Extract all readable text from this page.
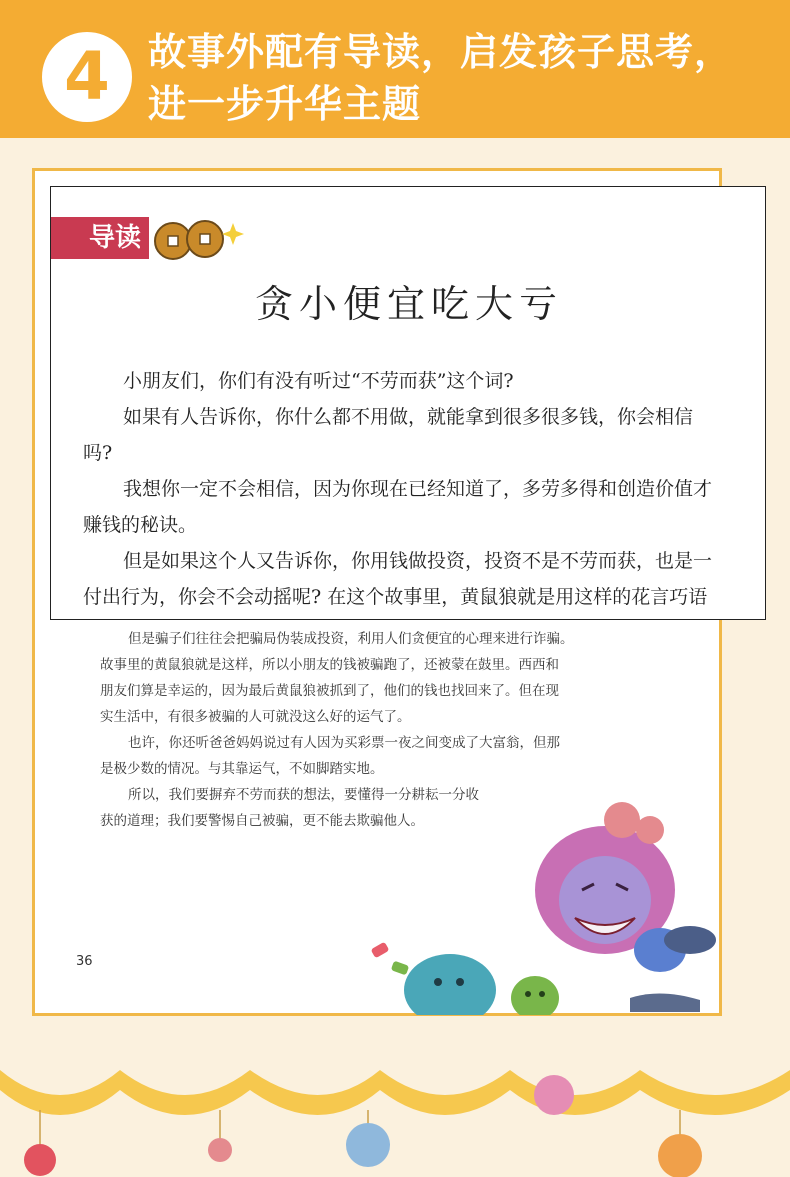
4	故事外配有导读，启发孩子思考，
进一步升华主题

但是骗子们往往会把骗局伪装成投资，利用人们贪便宜的心理来进行诈骗。

故事里的黄鼠狼就是这样，所以小朋友的钱被骗跑了，还被蒙在鼓里。西西和

朋友们算是幸运的，因为最后黄鼠狼被抓到了，他们的钱也找回来了。但在现

实生活中，有很多被骗的人可就没这么好的运气了。

也许，你还听爸爸妈妈说过有人因为买彩票一夜之间变成了大富翁，但那

是极少数的情况。与其靠运气，不如脚踏实地。

所以，我们要摒弃不劳而获的想法，要懂得一分耕耘一分收

获的道理；我们要警惕自己被骗，更不能去欺骗他人。

36
导读
贪小便宜吃大亏

小朋友们，你们有没有听过“不劳而获”这个词?

如果有人告诉你，你什么都不用做，就能拿到很多很多钱，你会相信

吗?

我想你一定不会相信，因为你现在已经知道了，多劳多得和创造价值才

赚钱的秘诀。

但是如果这个人又告诉你，你用钱做投资，投资不是不劳而获，也是一

付出行为，你会不会动摇呢? 在这个故事里，黄鼠狼就是用这样的花言巧语
